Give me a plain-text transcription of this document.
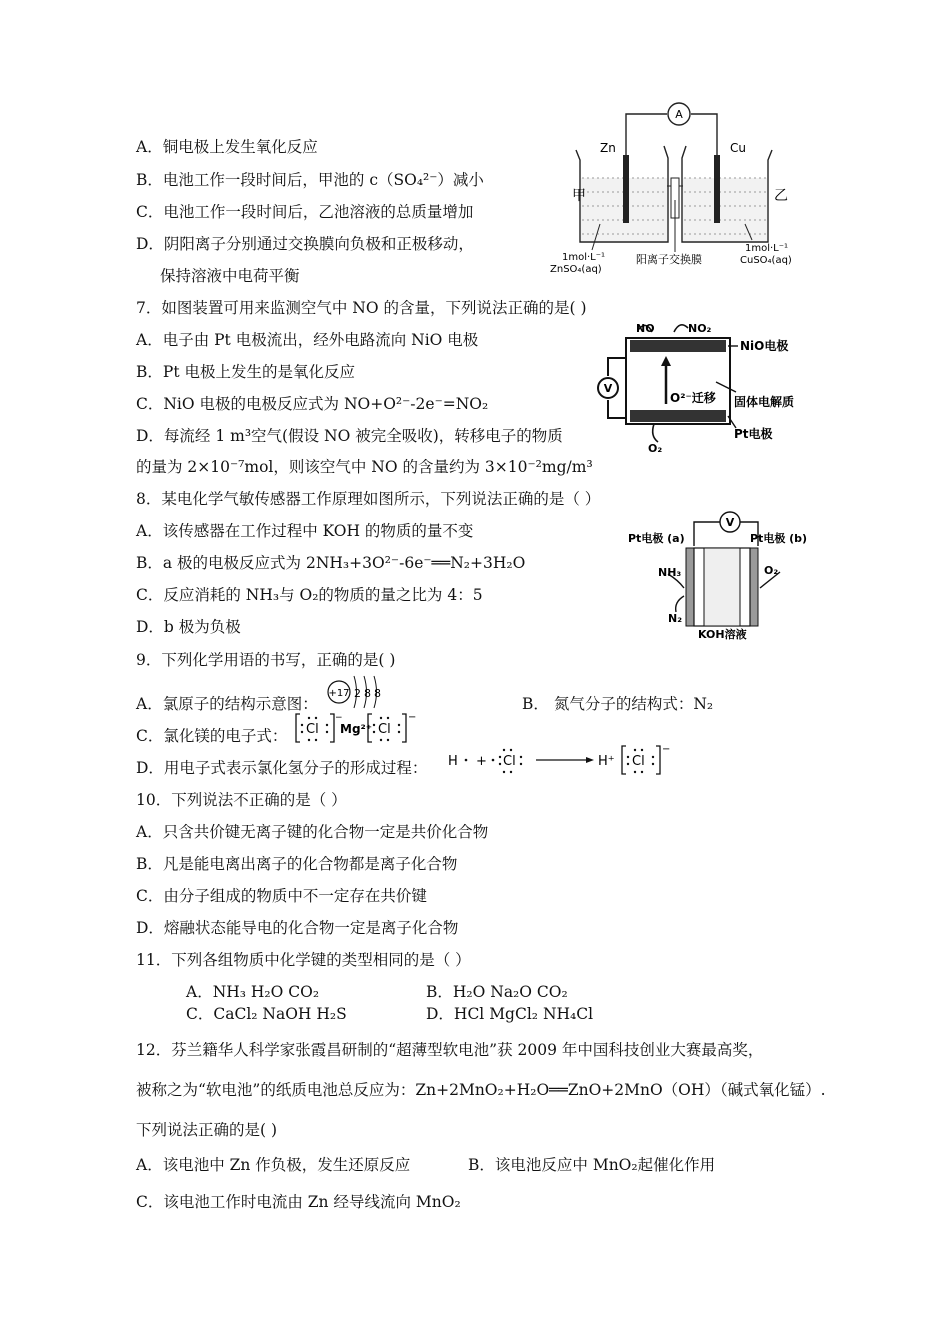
A．铜电极上发生氧化反应
B．电池工作一段时间后，甲池的 c（SO₄²⁻）减小
C．电池工作一段时间后，乙池溶液的总质量增加
D．阴阳离子分别通过交换膜向负极和正极移动，
保持溶液中电荷平衡
A
Zn	Cu
甲	乙
1mol·L⁻¹
CuSO₄(aq)
阳离子交换膜
1mol·L⁻¹
ZnSO₄(aq)
7．如图装置可用来监测空气中 NO 的含量，下列说法正确的是( )
A．电子由 Pt 电极流出，经外电路流向 NiO 电极
B．Pt 电极上发生的是氧化反应
C．NiO 电极的电极反应式为 NO+O²⁻-2e⁻=NO₂
D．每流经 1 m³空气(假设 NO 被完全吸收)，转移电子的物质
的量为 2×10⁻⁷mol，则该空气中 NO 的含量约为 3×10⁻²mg/m³
NO	NO₂
NiO电极
V
O²⁻迁移 固体电解质
Pt电极
O₂
8．某电化学气敏传感器工作原理如图所示，下列说法正确的是（ ）
A．该传感器在工作过程中 KOH 的物质的量不变
B．a 极的电极反应式为 2NH₃+3O²⁻-6e⁻══N₂+3H₂O
C．反应消耗的 NH₃与 O₂的物质的量之比为 4：5
D．b 极为负极
V
Pt电极 (a)	Pt电极 (b)
NH₃	O₂
N₂
KOH溶液
9．下列化学用语的书写，正确的是( )
A．氯原子的结构示意图：
+17 2 8 8
B． 氮气分子的结构式：N₂
C．氯化镁的电子式： Cl
−
Mg²⁺ Cl
−
D．用电子式表示氯化氢分子的形成过程： H + Cl	H⁺ Cl
−
10．下列说法不正确的是（ ）
A．只含共价键无离子键的化合物一定是共价化合物
B．凡是能电离出离子的化合物都是离子化合物
C．由分子组成的物质中不一定存在共价键
D．熔融状态能导电的化合物一定是离子化合物
11．下列各组物质中化学键的类型相同的是（ ）
A．NH₃ H₂O CO₂	B．H₂O Na₂O CO₂
C．CaCl₂ NaOH H₂S	D．HCl MgCl₂ NH₄Cl
12．芬兰籍华人科学家张霞昌研制的“超薄型软电池”获 2009 年中国科技创业大赛最高奖，
被称之为“软电池”的纸质电池总反应为：Zn+2MnO₂+H₂O══ZnO+2MnO（OH）（碱式氧化锰）.
下列说法正确的是( )
A．该电池中 Zn 作负极，发生还原反应	B．该电池反应中 MnO₂起催化作用
C．该电池工作时电流由 Zn 经导线流向 MnO₂
